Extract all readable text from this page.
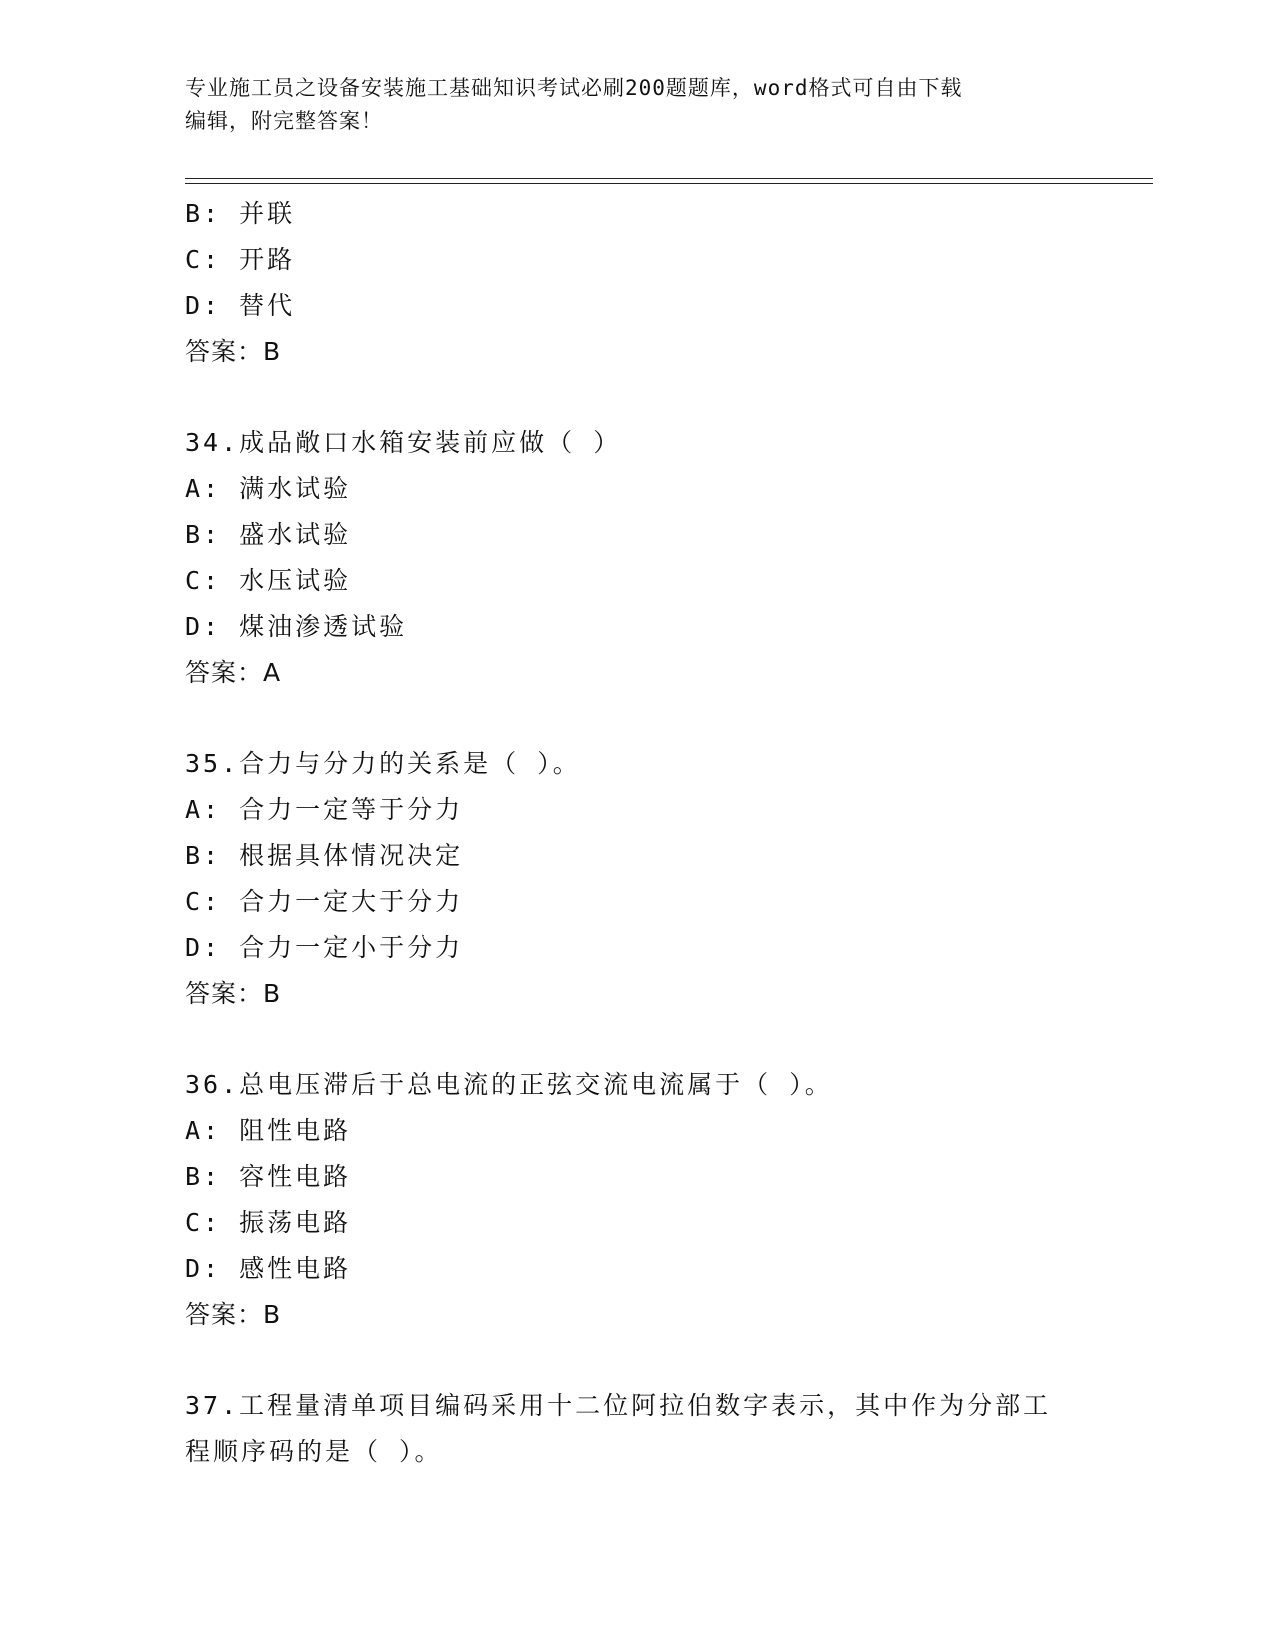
专业施工员之设备安装施工基础知识考试必刷200题题库，word格式可自由下载
编辑，附完整答案！
B: 并联
C: 开路
D: 替代
答案：B
34.成品敞口水箱安装前应做（ ）
A: 满水试验
B: 盛水试验
C: 水压试验
D: 煤油渗透试验
答案：A
35.合力与分力的关系是（ ）。
A: 合力一定等于分力
B: 根据具体情况决定
C: 合力一定大于分力
D: 合力一定小于分力
答案：B
36.总电压滞后于总电流的正弦交流电流属于（ ）。
A: 阻性电路
B: 容性电路
C: 振荡电路
D: 感性电路
答案：B
37.工程量清单项目编码采用十二位阿拉伯数字表示，其中作为分部工
程顺序码的是（ ）。
